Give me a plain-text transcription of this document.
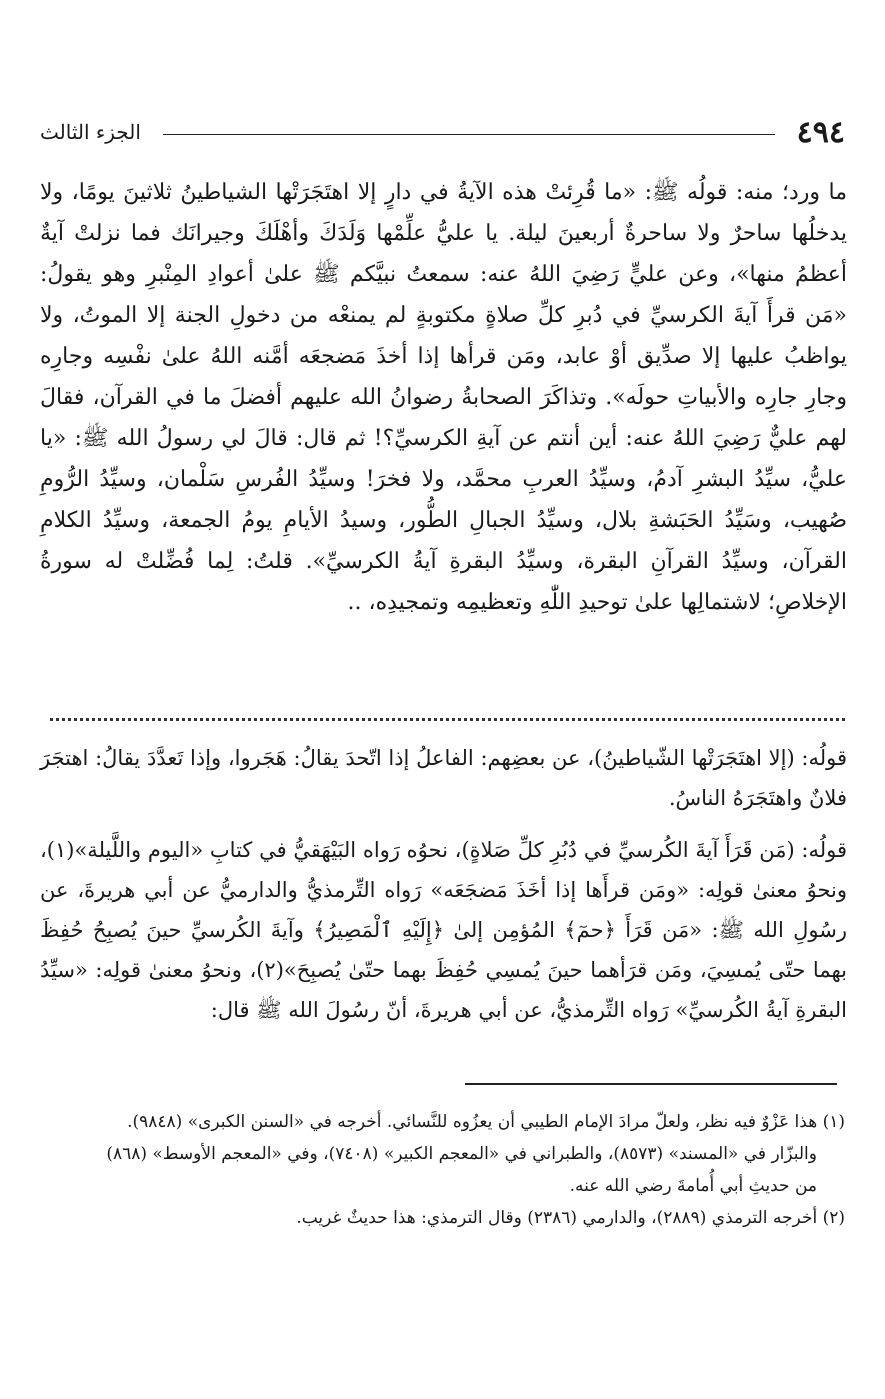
٤٩٤
الجزء الثالث

ما ورد؛ منه: قولُه ﷺ: «ما قُرِئتْ هذه الآيةُ في دارٍ إلا اهتَجَرَتْها الشياطينُ ثلاثينَ يومًا، ولا يدخلُها ساحرٌ ولا ساحرةٌ أربعينَ ليلة. يا عليُّ علِّمْها وَلَدَكَ وأهْلَكَ وجيرانَك فما نزلتْ آيةٌ أعظمُ منها»، وعن عليٍّ رَضِيَ اللهُ عنه: سمعتُ نبيَّكم ﷺ علىٰ أعوادِ المِنْبرِ وهو يقولُ: «مَن قرأَ آيةَ الكرسيِّ في دُبرِ كلِّ صلاةٍ مكتوبةٍ لم يمنعْه من دخولِ الجنة إلا الموتُ، ولا يواظبُ عليها إلا صدِّيق أوْ عابد، ومَن قرأها إذا أخذَ مَضجعَه أمَّنه اللهُ علىٰ نفْسِه وجارِه وجارِ جارِه والأبياتِ حولَه». وتذاكَرَ الصحابةُ رضوانُ الله عليهم أفضلَ ما في القرآن، فقالَ لهم عليٌّ رَضِيَ اللهُ عنه: أين أنتم عن آيةِ الكرسيِّ؟! ثم قال: قالَ لي رسولُ الله ﷺ: «يا عليُّ، سيِّدُ البشرِ آدمُ، وسيِّدُ العربِ محمَّد، ولا فخرَ! وسيِّدُ الفُرسِ سَلْمان، وسيِّدُ الرُّومِ صُهيب، وسَيِّدُ الحَبَشةِ بلال، وسيِّدُ الجبالِ الطُّور، وسيدُ الأيامِ يومُ الجمعة، وسيِّدُ الكلامِ القرآن، وسيِّدُ القرآنِ البقرة، وسيِّدُ البقرةِ آيةُ الكرسيِّ». قلتُ: لِما فُضِّلتْ له سورةُ الإخلاصِ؛ لاشتمالِها علىٰ توحيدِ اللّٰهِ وتعظيمِه وتمجيدِه، ..

قولُه: (إلا اهتَجَرَتْها الشّياطينُ)، عن بعضِهم: الفاعلُ إذا اتّحدَ يقالُ: هَجَروا، وإذا تَعدَّدَ يقالُ: اهتجَرَ فلانٌ واهتَجَرَهُ الناسُ.

قولُه: (مَن قَرَأَ آيةَ الكُرسيِّ في دُبُرِ كلِّ صَلاةٍ)، نحوُه رَواه البَيْهَقيُّ في كتابِ «اليوم واللَّيلة»(١)، ونحوُ معنىٰ قولِه: «ومَن قرأَها إذا أخَذَ مَضجَعَه» رَواه التِّرمذيُّ والدارميُّ عن أبي هريرةَ، عن رسُولِ الله ﷺ: «مَن قَرَأَ ﴿حمٓ﴾ المُؤمِن إلىٰ ﴿إِلَيْهِ ٱلْمَصِيرُ﴾ وآيةَ الكُرسيِّ حينَ يُصبِحُ حُفِظَ بهما حتّى يُمسِيَ، ومَن قرَأهما حينَ يُمسِي حُفِظَ بهما حتّىٰ يُصبِحَ»(٢)، ونحوُ معنىٰ قولِه: «سيِّدُ البقرةِ آيةُ الكُرسيِّ» رَواه التِّرمذيُّ، عن أبي هريرةَ، أنّ رسُولَ الله ﷺ قال:

(١) هذا عَزْوٌ فيه نظر، ولعلّ مرادَ الإمام الطيبي أن يعزُوه للنَّسائي. أخرجه في «السنن الكبرى» (٩٨٤٨).

والبزّار في «المسند» (٨٥٧٣)، والطبراني في «المعجم الكبير» (٧٤٠٨)، وفي «المعجم الأوسط» (٨٦٨)

من حديثِ أبي أُمامةَ رضي الله عنه.

(٢) أخرجه الترمذي (٢٨٨٩)، والدارمي (٢٣٨٦) وقال الترمذي: هذا حديثٌ غريب.
